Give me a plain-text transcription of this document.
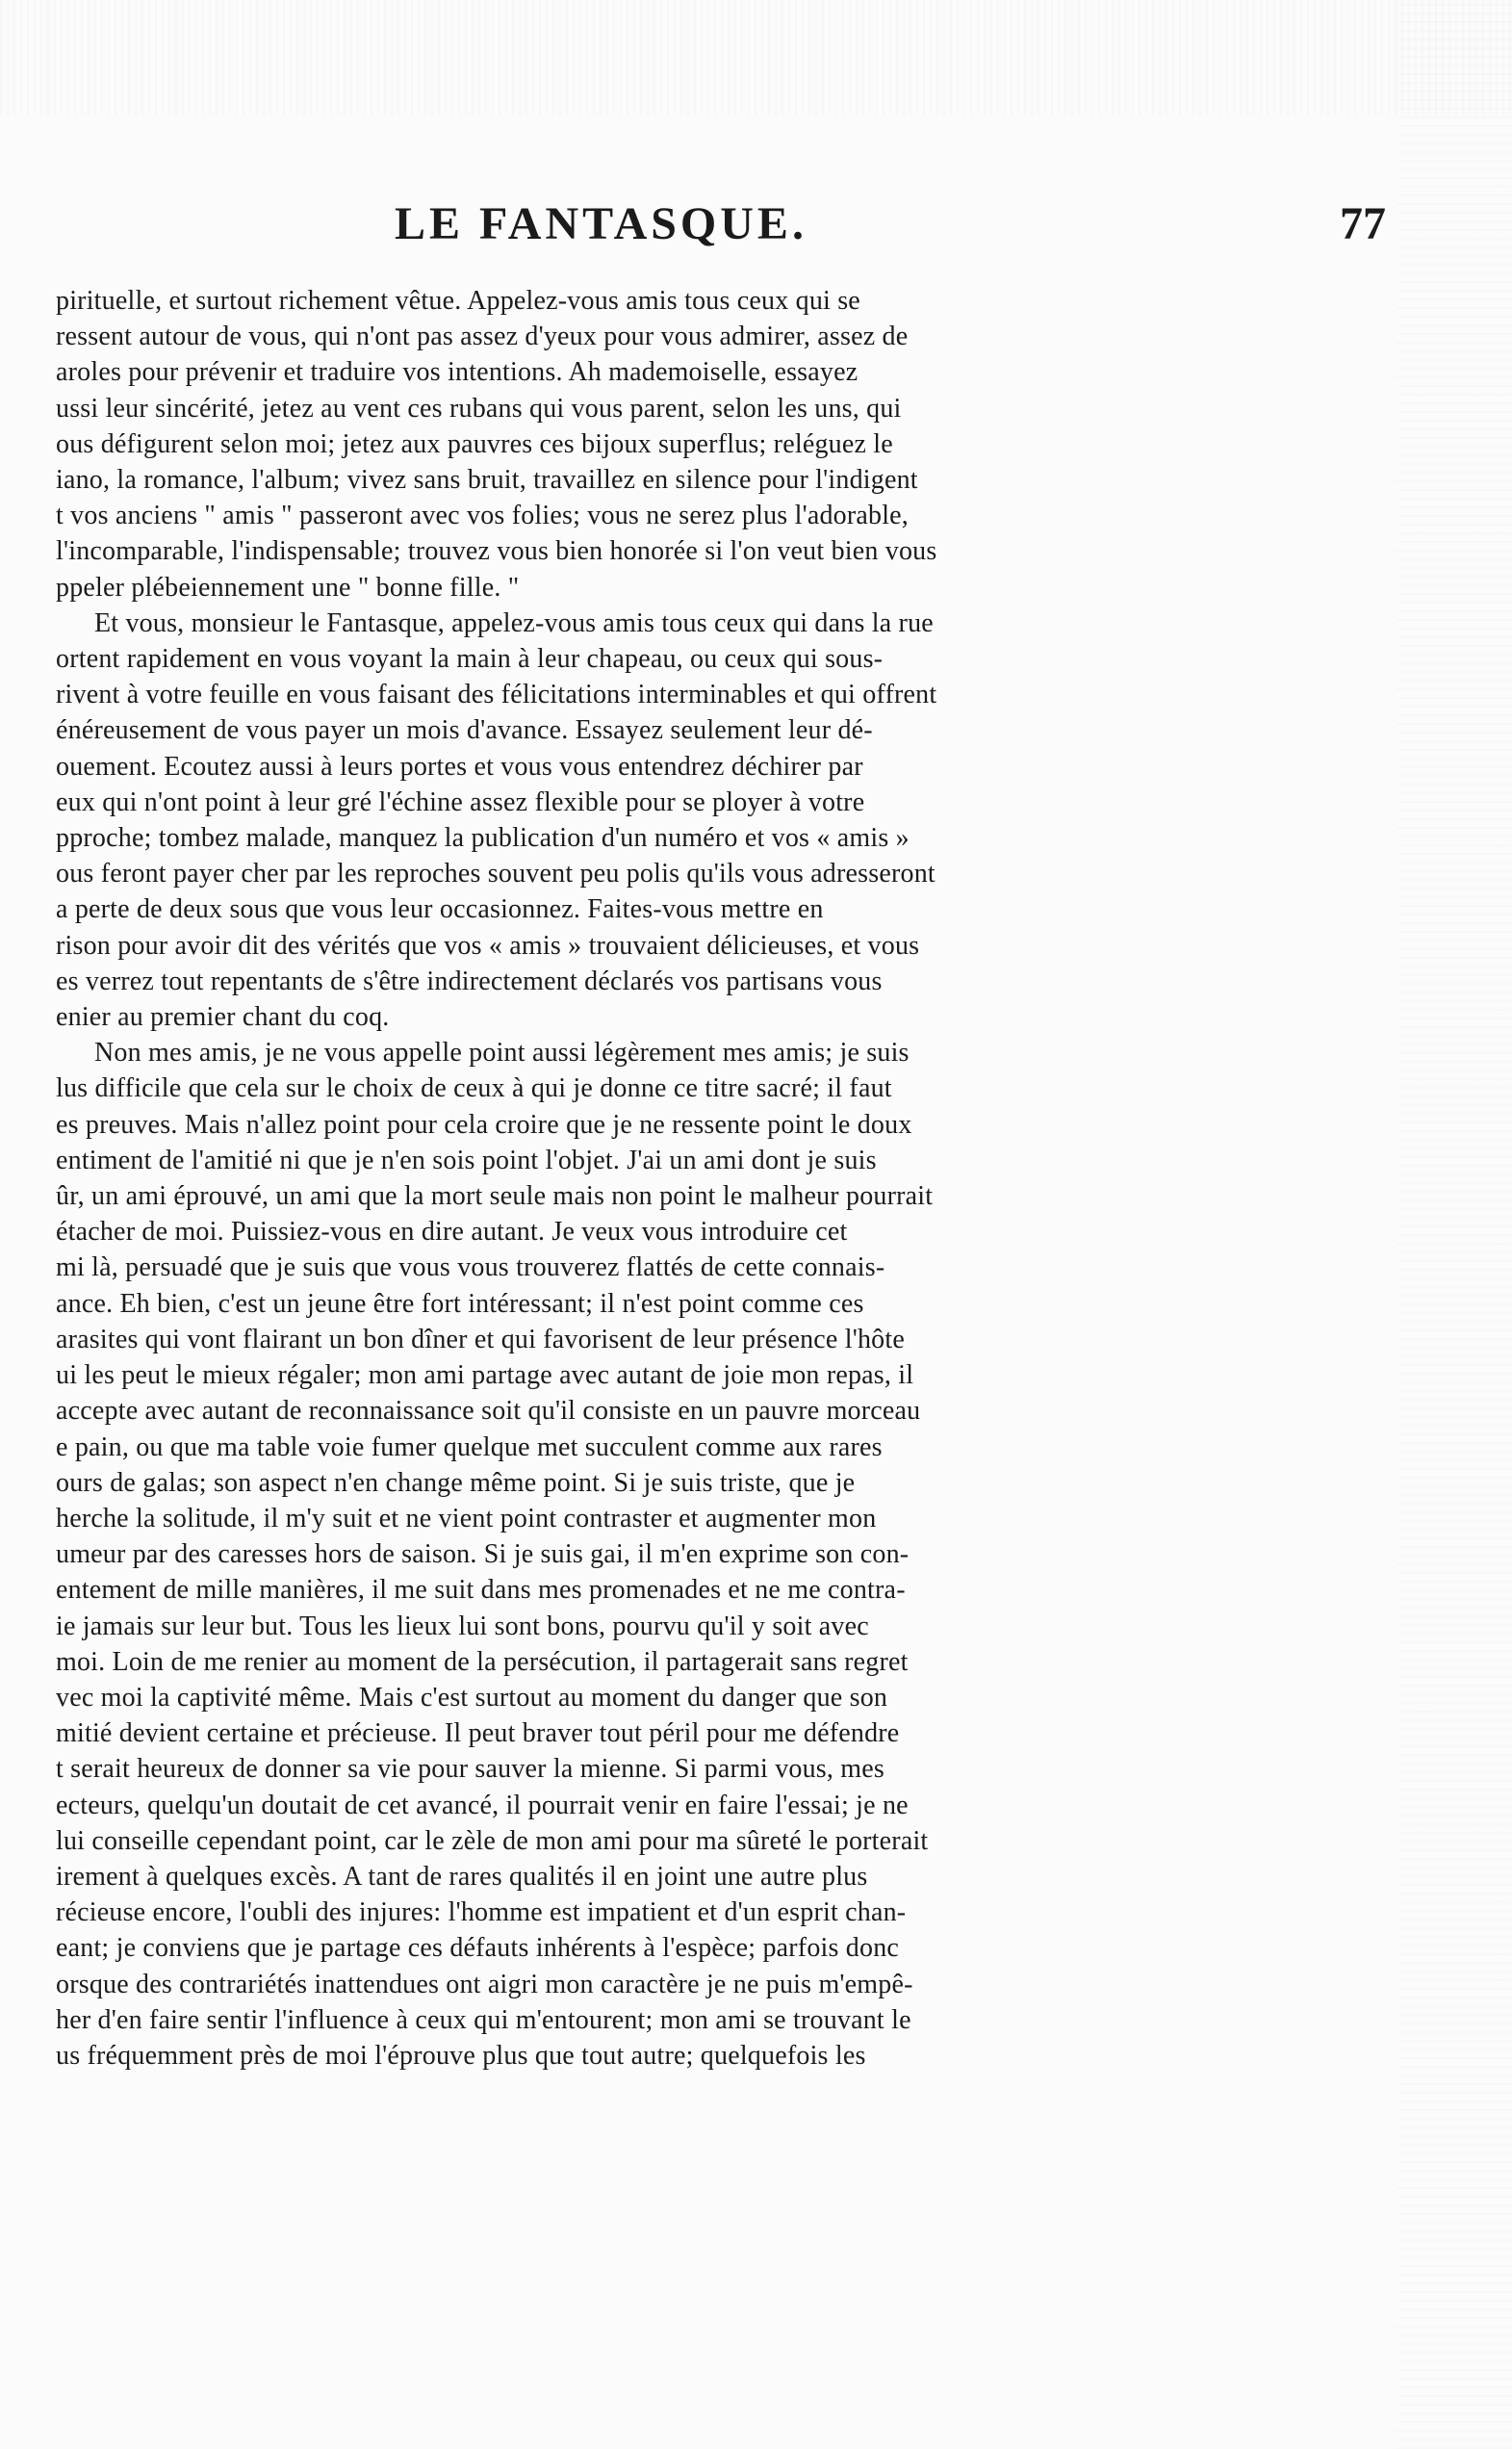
LE FANTASQUE.	77
pirituelle, et surtout richement vêtue. Appelez-vous amis tous ceux qui se
ressent autour de vous, qui n'ont pas assez d'yeux pour vous admirer, assez de
aroles pour prévenir et traduire vos intentions. Ah mademoiselle, essayez
ussi leur sincérité, jetez au vent ces rubans qui vous parent, selon les uns, qui
ous défigurent selon moi; jetez aux pauvres ces bijoux superflus; reléguez le
iano, la romance, l'album; vivez sans bruit, travaillez en silence pour l'indigent
t vos anciens " amis " passeront avec vos folies; vous ne serez plus l'adorable,
l'incomparable, l'indispensable; trouvez vous bien honorée si l'on veut bien vous
ppeler plébeiennement une " bonne fille. "
Et vous, monsieur le Fantasque, appelez-vous amis tous ceux qui dans la rue
ortent rapidement en vous voyant la main à leur chapeau, ou ceux qui sous-
rivent à votre feuille en vous faisant des félicitations interminables et qui offrent
énéreusement de vous payer un mois d'avance. Essayez seulement leur dé-
ouement. Ecoutez aussi à leurs portes et vous vous entendrez déchirer par
eux qui n'ont point à leur gré l'échine assez flexible pour se ployer à votre
pproche; tombez malade, manquez la publication d'un numéro et vos « amis »
ous feront payer cher par les reproches souvent peu polis qu'ils vous adresseront
a perte de deux sous que vous leur occasionnez. Faites-vous mettre en
rison pour avoir dit des vérités que vos « amis » trouvaient délicieuses, et vous
es verrez tout repentants de s'être indirectement déclarés vos partisans vous
enier au premier chant du coq.
Non mes amis, je ne vous appelle point aussi légèrement mes amis; je suis
lus difficile que cela sur le choix de ceux à qui je donne ce titre sacré; il faut
es preuves. Mais n'allez point pour cela croire que je ne ressente point le doux
entiment de l'amitié ni que je n'en sois point l'objet. J'ai un ami dont je suis
ûr, un ami éprouvé, un ami que la mort seule mais non point le malheur pourrait
étacher de moi. Puissiez-vous en dire autant. Je veux vous introduire cet
mi là, persuadé que je suis que vous vous trouverez flattés de cette connais-
ance. Eh bien, c'est un jeune être fort intéressant; il n'est point comme ces
arasites qui vont flairant un bon dîner et qui favorisent de leur présence l'hôte
ui les peut le mieux régaler; mon ami partage avec autant de joie mon repas, il
accepte avec autant de reconnaissance soit qu'il consiste en un pauvre morceau
e pain, ou que ma table voie fumer quelque met succulent comme aux rares
ours de galas; son aspect n'en change même point. Si je suis triste, que je
herche la solitude, il m'y suit et ne vient point contraster et augmenter mon
umeur par des caresses hors de saison. Si je suis gai, il m'en exprime son con-
entement de mille manières, il me suit dans mes promenades et ne me contra-
ie jamais sur leur but. Tous les lieux lui sont bons, pourvu qu'il y soit avec
moi. Loin de me renier au moment de la persécution, il partagerait sans regret
vec moi la captivité même. Mais c'est surtout au moment du danger que son
mitié devient certaine et précieuse. Il peut braver tout péril pour me défendre
t serait heureux de donner sa vie pour sauver la mienne. Si parmi vous, mes
ecteurs, quelqu'un doutait de cet avancé, il pourrait venir en faire l'essai; je ne
lui conseille cependant point, car le zèle de mon ami pour ma sûreté le porterait
irement à quelques excès. A tant de rares qualités il en joint une autre plus
récieuse encore, l'oubli des injures: l'homme est impatient et d'un esprit chan-
eant; je conviens que je partage ces défauts inhérents à l'espèce; parfois donc
orsque des contrariétés inattendues ont aigri mon caractère je ne puis m'empê-
her d'en faire sentir l'influence à ceux qui m'entourent; mon ami se trouvant le
us fréquemment près de moi l'éprouve plus que tout autre; quelquefois les
